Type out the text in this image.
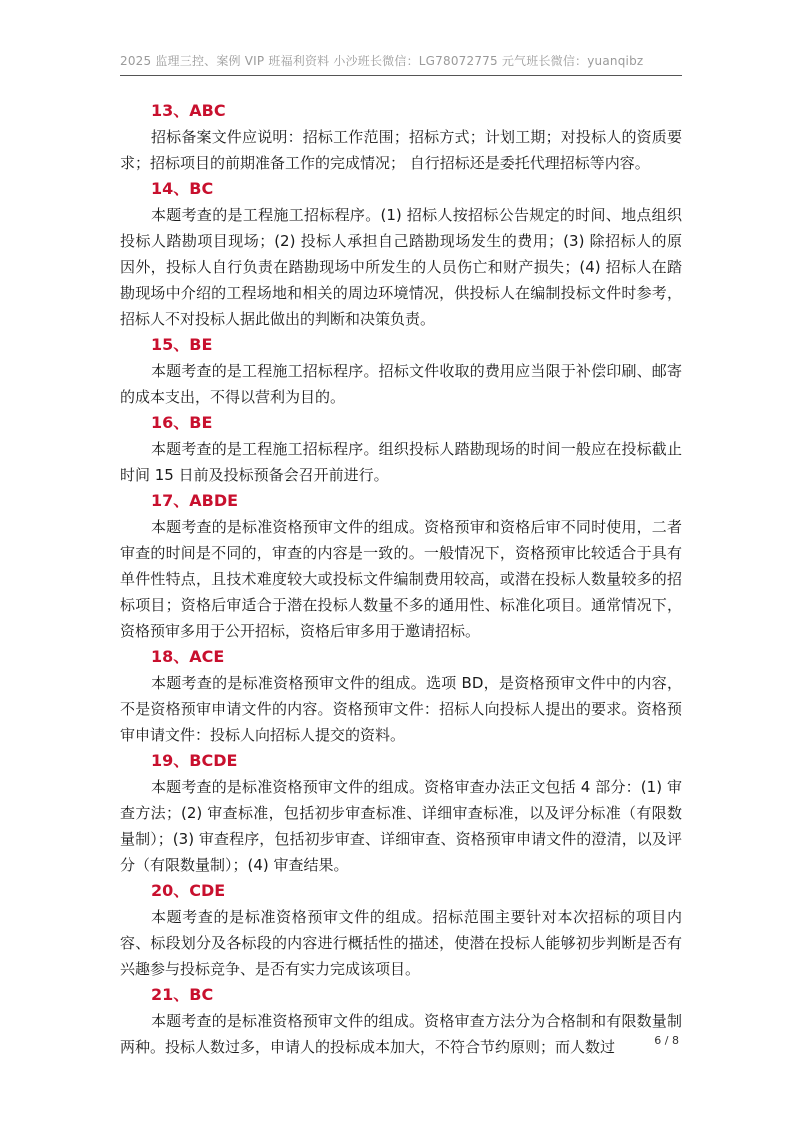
2025 监理三控、案例 VIP 班福利资料 小沙班长微信：LG78072775 元气班长微信：yuanqibz
13、ABC

招标备案文件应说明：招标工作范围；招标方式；计划工期；对投标人的资质要求；招标项目的前期准备工作的完成情况； 自行招标还是委托代理招标等内容。

14、BC

本题考查的是工程施工招标程序。(1) 招标人按招标公告规定的时间、地点组织投标人踏勘项目现场；(2) 投标人承担自己踏勘现场发生的费用；(3) 除招标人的原因外，投标人自行负责在踏勘现场中所发生的人员伤亡和财产损失；(4) 招标人在踏勘现场中介绍的工程场地和相关的周边环境情况，供投标人在编制投标文件时参考，招标人不对投标人据此做出的判断和决策负责。

15、BE

本题考查的是工程施工招标程序。招标文件收取的费用应当限于补偿印刷、邮寄的成本支出，不得以营利为目的。

16、BE

本题考查的是工程施工招标程序。组织投标人踏勘现场的时间一般应在投标截止时间 15 日前及投标预备会召开前进行。

17、ABDE

本题考查的是标准资格预审文件的组成。资格预审和资格后审不同时使用，二者审查的时间是不同的，审查的内容是一致的。一般情况下，资格预审比较适合于具有单件性特点，且技术难度较大或投标文件编制费用较高，或潜在投标人数量较多的招标项目；资格后审适合于潜在投标人数量不多的通用性、标准化项目。通常情况下，资格预审多用于公开招标，资格后审多用于邀请招标。

18、ACE

本题考查的是标准资格预审文件的组成。选项 BD，是资格预审文件中的内容，不是资格预审申请文件的内容。资格预审文件：招标人向投标人提出的要求。资格预审申请文件：投标人向招标人提交的资料。

19、BCDE

本题考查的是标准资格预审文件的组成。资格审查办法正文包括 4 部分：(1) 审查方法；(2) 审查标准，包括初步审查标准、详细审查标准，以及评分标准（有限数量制）；(3) 审查程序，包括初步审查、详细审查、资格预审申请文件的澄清，以及评分（有限数量制）；(4) 审查结果。

20、CDE

本题考查的是标准资格预审文件的组成。招标范围主要针对本次招标的项目内容、标段划分及各标段的内容进行概括性的描述，使潜在投标人能够初步判断是否有兴趣参与投标竞争、是否有实力完成该项目。

21、BC

本题考查的是标准资格预审文件的组成。资格审查方法分为合格制和有限数量制两种。投标人数过多，申请人的投标成本加大，不符合节约原则；而人数过	6 / 8
